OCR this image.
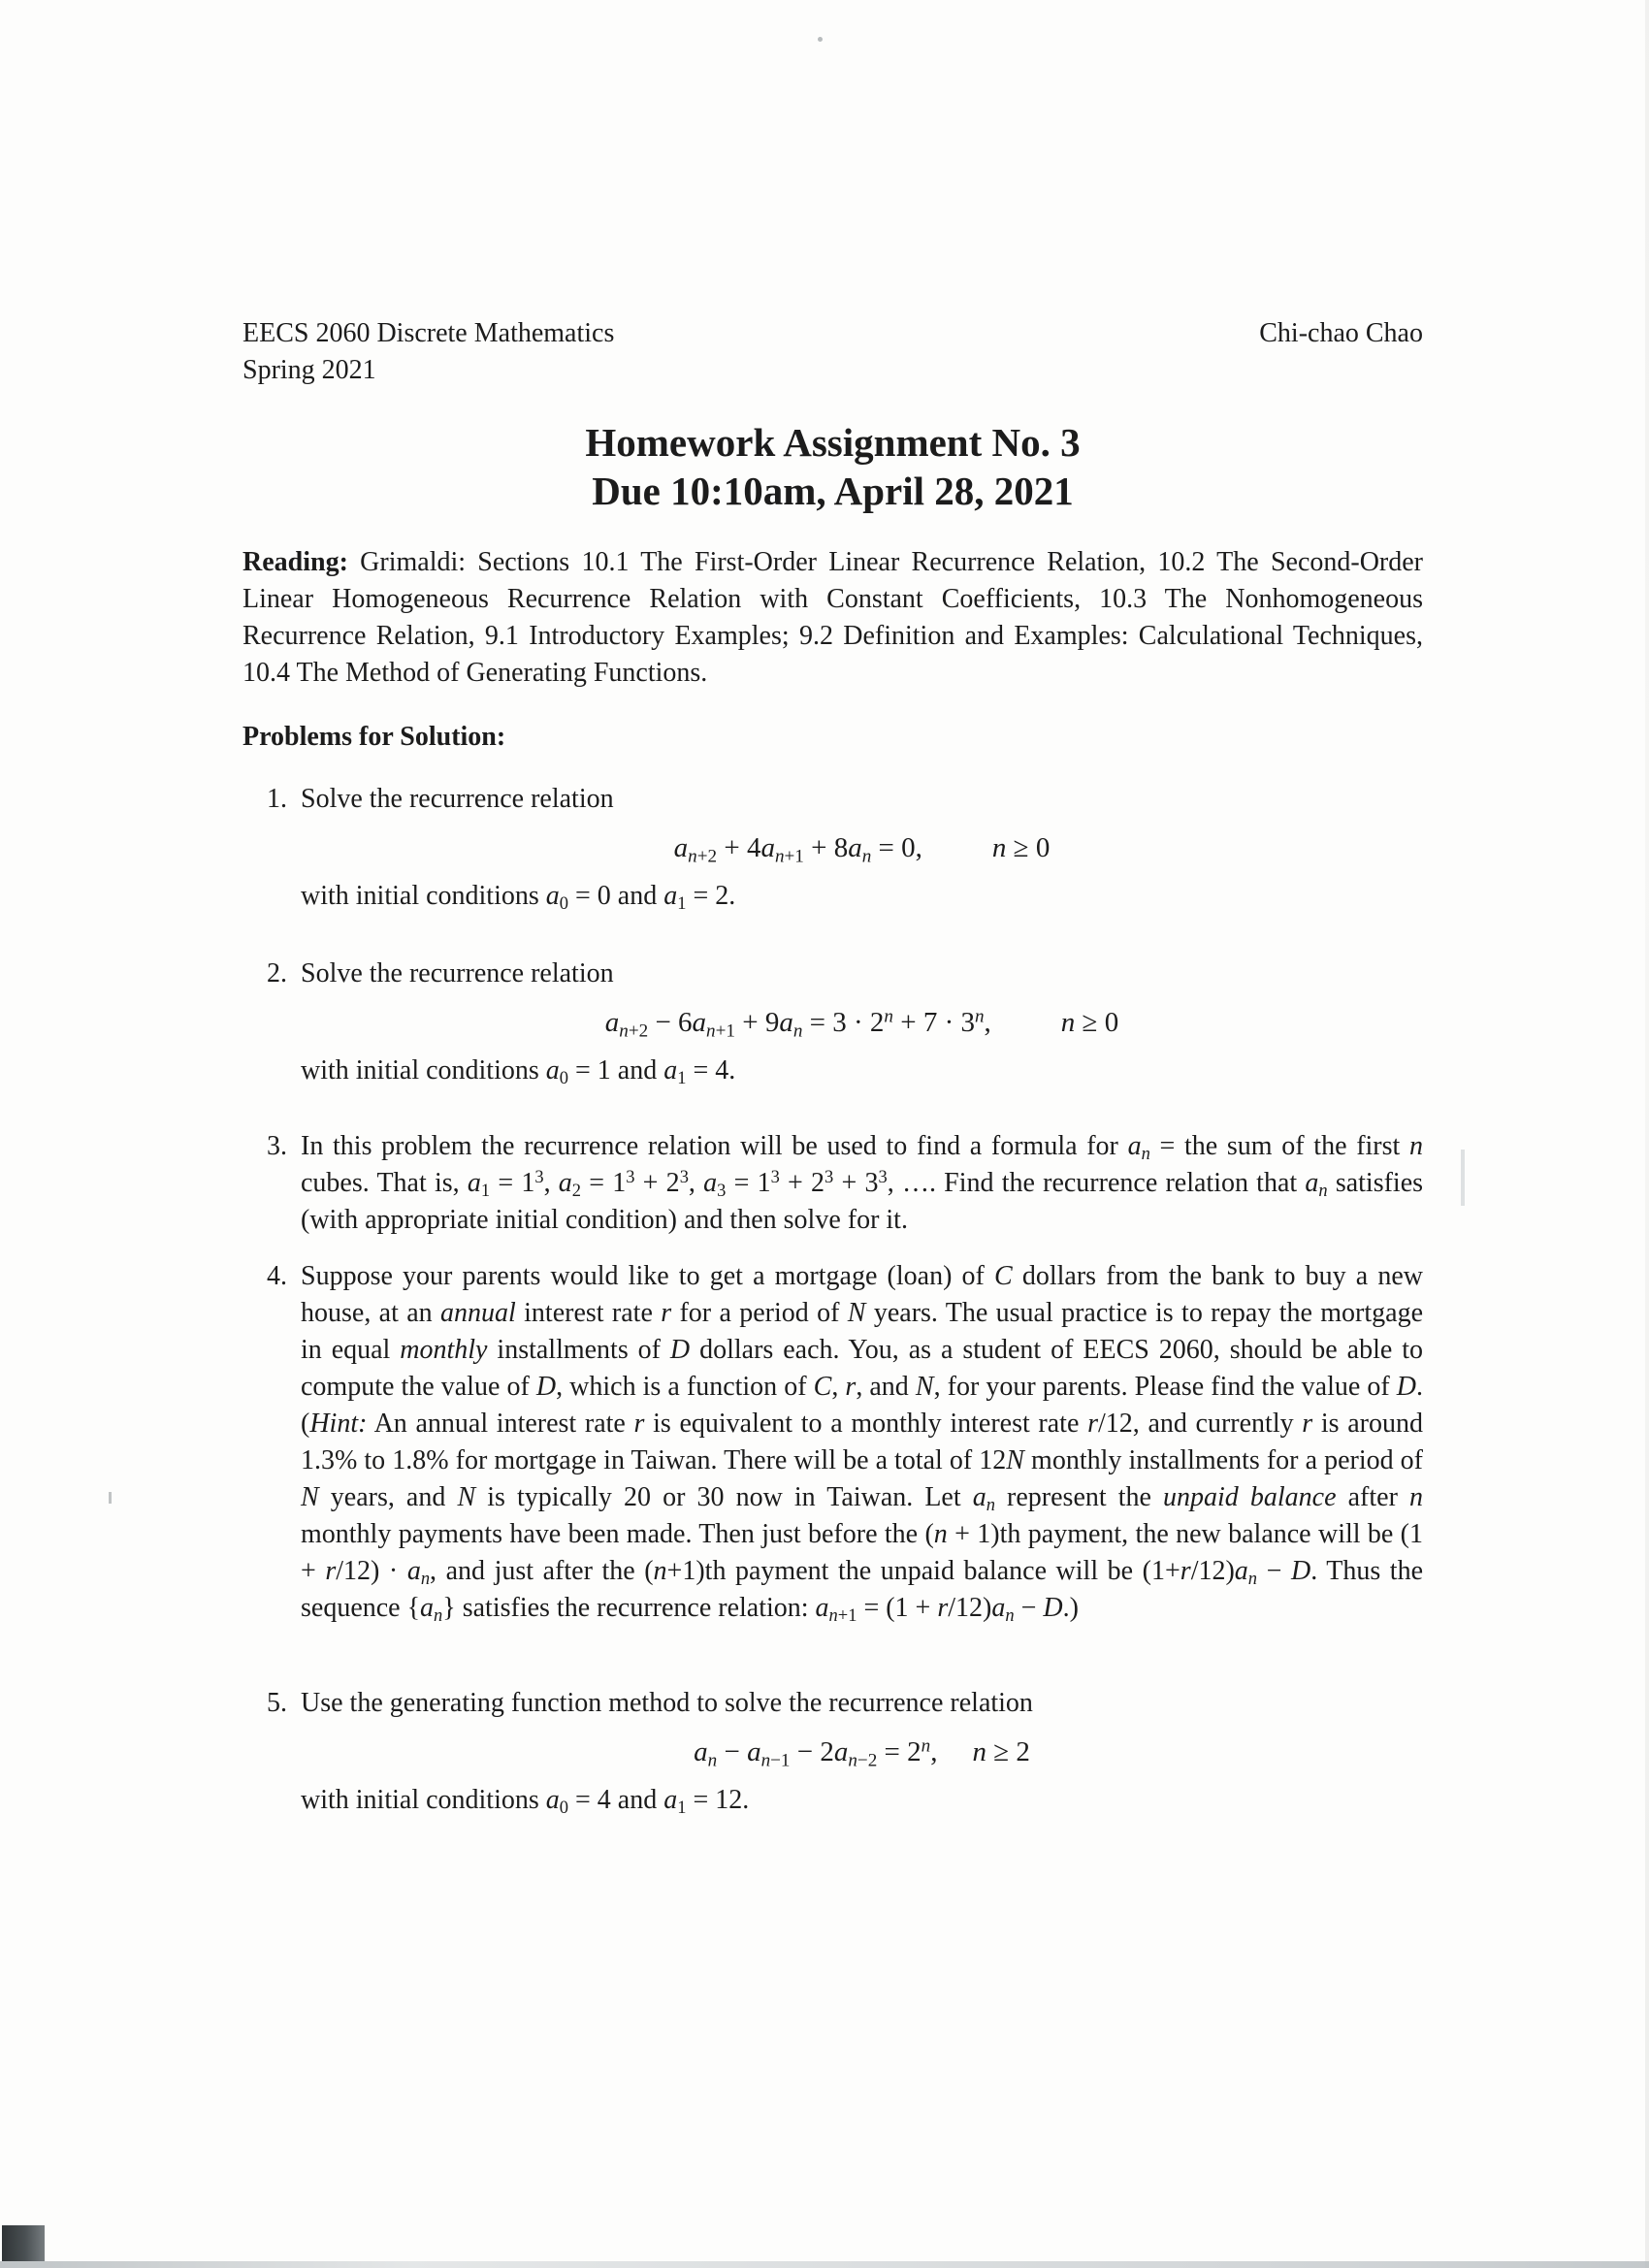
EECS 2060 Discrete Mathematics
Spring 2021
Chi-chao Chao
Homework Assignment No. 3
Due 10:10am, April 28, 2021

Reading: Grimaldi: Sections 10.1 The First-Order Linear Recurrence Relation, 10.2 The Second-Order Linear Homogeneous Recurrence Relation with Constant Coefficients, 10.3 The Nonhomogeneous Recurrence Relation, 9.1 Introductory Examples; 9.2 Definition and Examples: Calculational Techniques, 10.4 The Method of Generating Functions.

Problems for Solution:
1. Solve the recurrence relation
$a_{n+2} + 4a_{n+1} + 8a_n = 0$, n ≥ 0
with initial conditions $a_0 = 0$ and $a_1 = 2$.
2. Solve the recurrence relation
$a_{n+2} - 6a_{n+1} + 9a_n = 3 \cdot 2^n + 7 \cdot 3^n$, n ≥ 0
with initial conditions $a_0 = 1$ and $a_1 = 4$.
3. In this problem the recurrence relation will be used to find a formula for $a_n$ = the sum of the first n cubes. That is, $a_1 = 1^3$, $a_2 = 1^3 + 2^3$, $a_3 = 1^3 + 2^3 + 3^3$, …. Find the recurrence relation that $a_n$ satisfies (with appropriate initial condition) and then solve for it.
4. Suppose your parents would like to get a mortgage (loan) of C dollars from the bank to buy a new house, at an annual interest rate r for a period of N years. The usual practice is to repay the mortgage in equal monthly installments of D dollars each. You, as a student of EECS 2060, should be able to compute the value of D, which is a function of C, r, and N, for your parents. Please find the value of D. (Hint: An annual interest rate r is equivalent to a monthly interest rate r/12, and currently r is around 1.3% to 1.8% for mortgage in Taiwan. There will be a total of 12N monthly installments for a period of N years, and N is typically 20 or 30 now in Taiwan. Let $a_n$ represent the unpaid balance after n monthly payments have been made. Then just before the (n + 1)th payment, the new balance will be $(1 + r/12) \cdot a_n$, and just after the (n+1)th payment the unpaid balance will be $(1+r/12)a_n - D$. Thus the sequence $\{a_n\}$ satisfies the recurrence relation: $a_{n+1} = (1 + r/12)a_n - D$.)
5. Use the generating function method to solve the recurrence relation
$a_n - a_{n-1} - 2a_{n-2} = 2^n$, n ≥ 2
with initial conditions $a_0 = 4$ and $a_1 = 12$.
